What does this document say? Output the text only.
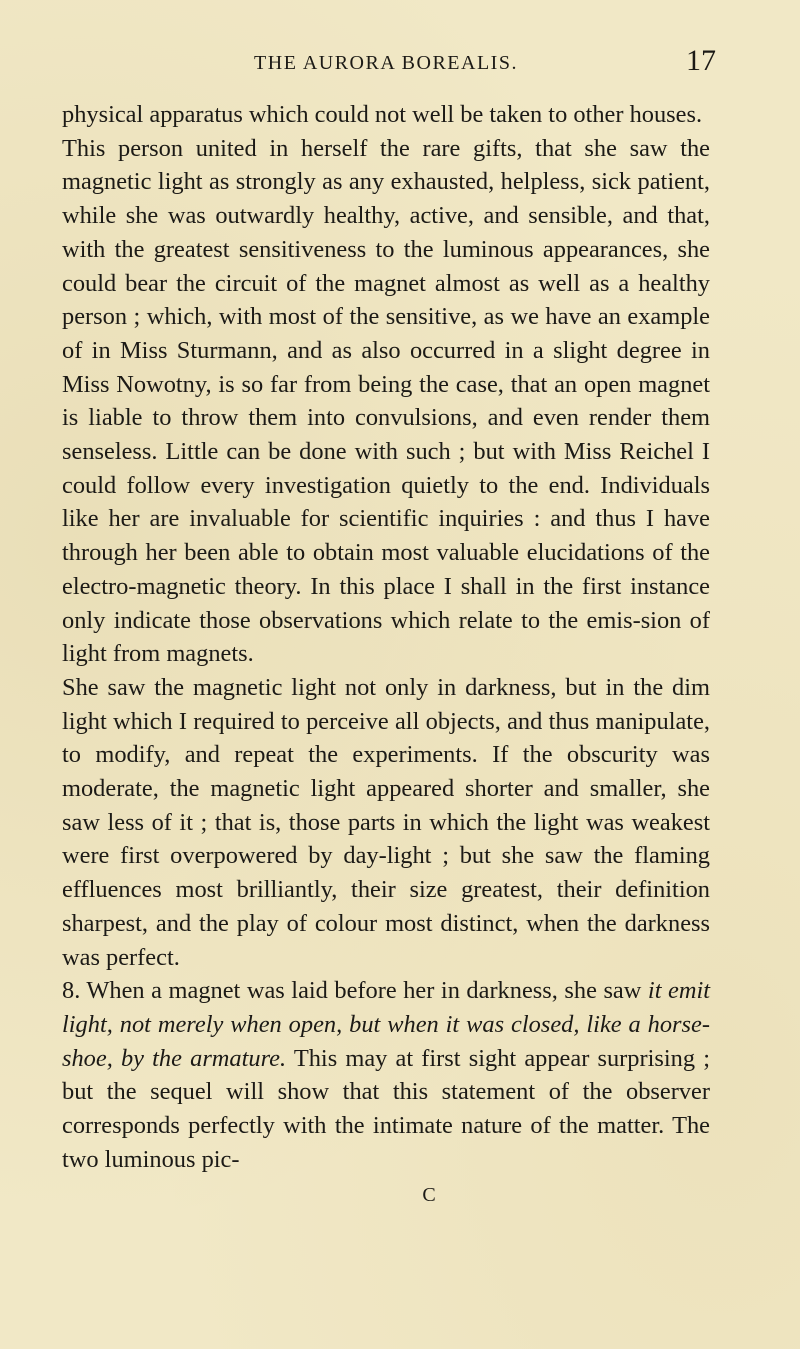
THE AURORA BOREALIS.	17

physical apparatus which could not well be taken to other houses.

This person united in herself the rare gifts, that she saw the magnetic light as strongly as any exhausted, helpless, sick patient, while she was outwardly healthy, active, and sensible, and that, with the greatest sensitiveness to the luminous appearances, she could bear the circuit of the magnet almost as well as a healthy person ; which, with most of the sensitive, as we have an example of in Miss Sturmann, and as also occurred in a slight degree in Miss Nowotny, is so far from being the case, that an open magnet is liable to throw them into convulsions, and even render them senseless. Little can be done with such ; but with Miss Reichel I could follow every investigation quietly to the end. Individuals like her are invaluable for scientific inquiries : and thus I have through her been able to obtain most valuable elucidations of the electro-magnetic theory. In this place I shall in the first instance only indicate those observations which relate to the emis-sion of light from magnets.

She saw the magnetic light not only in darkness, but in the dim light which I required to perceive all objects, and thus manipulate, to modify, and repeat the experiments. If the obscurity was moderate, the magnetic light appeared shorter and smaller, she saw less of it ; that is, those parts in which the light was weakest were first overpowered by day-light ; but she saw the flaming effluences most brilliantly, their size greatest, their definition sharpest, and the play of colour most distinct, when the darkness was perfect.

8. When a magnet was laid before her in darkness, she saw it emit light, not merely when open, but when it was closed, like a horse-shoe, by the armature. This may at first sight appear surprising ; but the sequel will show that this statement of the observer corresponds perfectly with the intimate nature of the matter. The two luminous pic-

C
